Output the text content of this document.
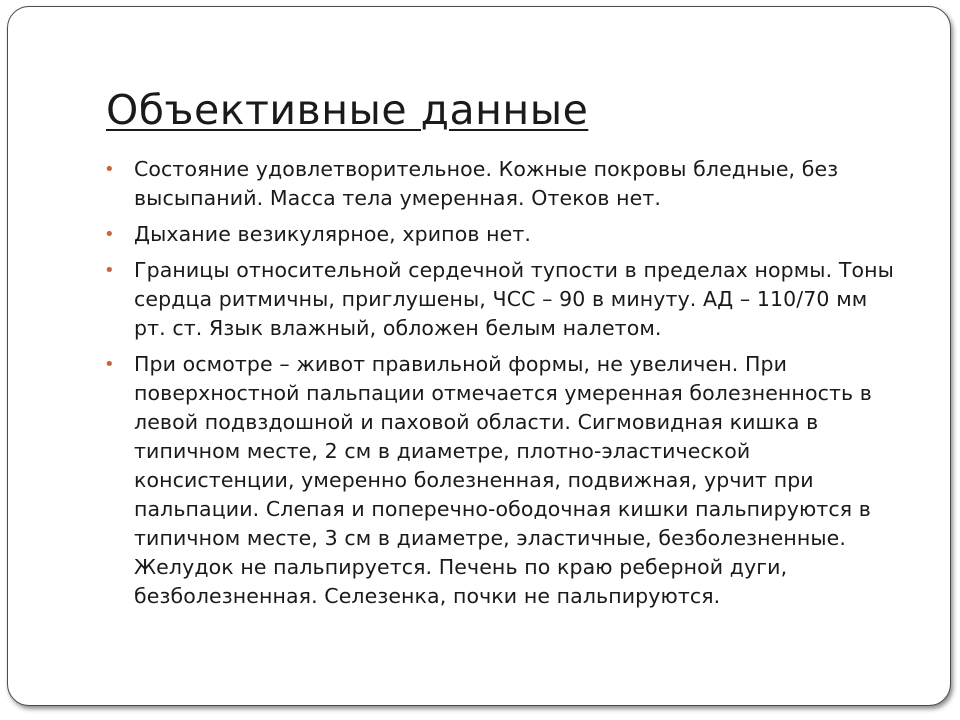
Объективные данные
• Состояние удовлетворительное. Кожные покровы бледные, без высыпаний. Масса тела умеренная. Отеков нет.
• Дыхание везикулярное, хрипов нет.
• Границы относительной сердечной тупости в пределах нормы. Тоны сердца ритмичны, приглушены, ЧСС – 90 в минуту. АД – 110/70 мм рт. ст. Язык влажный, обложен белым налетом.
• При осмотре – живот правильной формы, не увеличен. При поверхностной пальпации отмечается умеренная болезненность в левой подвздошной и паховой области. Сигмовидная кишка в типичном месте, 2 см в диаметре, плотно-эластической консистенции, умеренно болезненная, подвижная, урчит при пальпации. Слепая и поперечно-ободочная кишки пальпируются в типичном месте, 3 см в диаметре, эластичные, безболезненные. Желудок не пальпируется. Печень по краю реберной дуги, безболезненная. Селезенка, почки не пальпируются.
